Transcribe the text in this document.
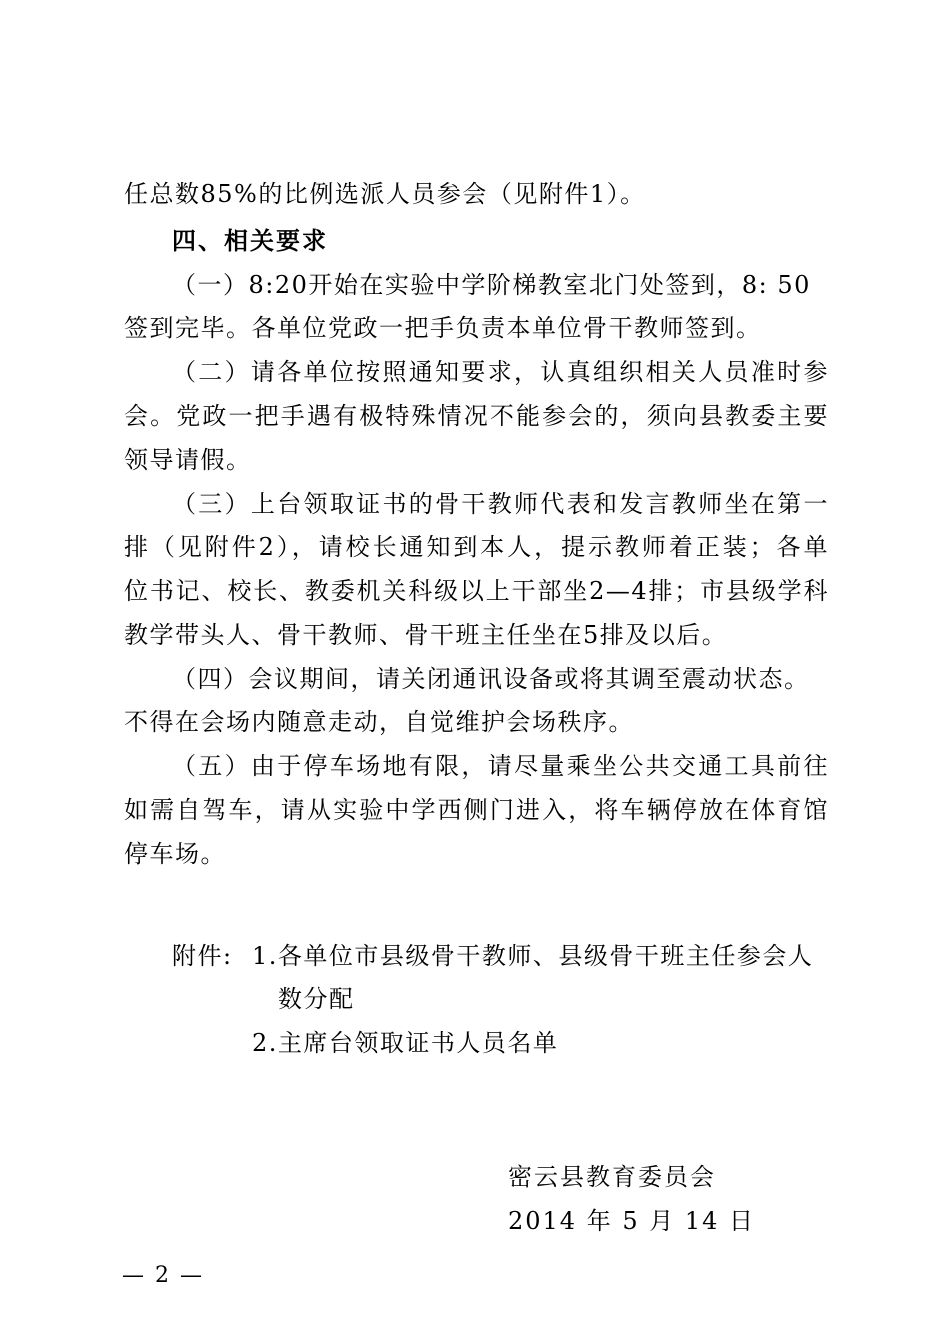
任总数85%的比例选派人员参会（见附件1）。
四、相关要求
（一）8:20开始在实验中学阶梯教室北门处签到，8: 50
签到完毕。各单位党政一把手负责本单位骨干教师签到。
（二）请各单位按照通知要求，认真组织相关人员准时参
会。党政一把手遇有极特殊情况不能参会的，须向县教委主要
领导请假。
（三）上台领取证书的骨干教师代表和发言教师坐在第一
排（见附件2），请校长通知到本人，提示教师着正装；各单
位书记、校长、教委机关科级以上干部坐2—4排；市县级学科
教学带头人、骨干教师、骨干班主任坐在5排及以后。
（四）会议期间，请关闭通讯设备或将其调至震动状态。
不得在会场内随意走动，自觉维护会场秩序。
（五）由于停车场地有限，请尽量乘坐公共交通工具前往
如需自驾车，请从实验中学西侧门进入，将车辆停放在体育馆
停车场。
附件: 1.各单位市县级骨干教师、县级骨干班主任参会人
数分配
2.主席台领取证书人员名单
密云县教育委员会
2014 年 5 月 14 日
— 2 —
